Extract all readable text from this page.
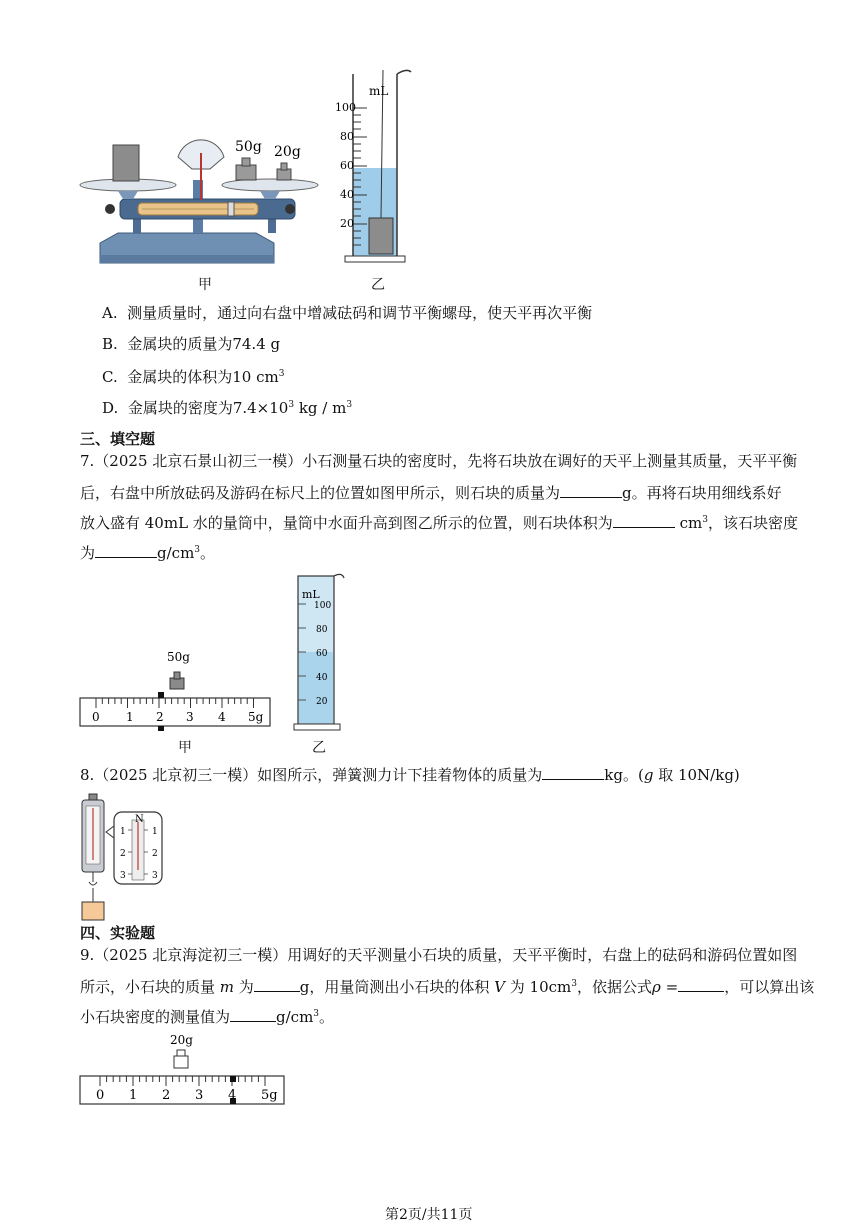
50g 20g
mL
100
80
60
40
20
甲	乙
A. 测量质量时，通过向右盘中增减砝码和调节平衡螺母，使天平再次平衡
B. 金属块的质量为74.4 g
C. 金属块的体积为10 $cm^3$
D. 金属块的密度为$7.4\times 10^3$ kg / $m^3$
三、填空题
7.（2025 北京石景山初三一模）小石测量石块的密度时，先将石块放在调好的天平上测量其质量，天平平衡
后，右盘中所放砝码及游码在标尺上的位置如图甲所示，则石块的质量为	g。再将石块用细线系好
放入盛有 40mL 水的量筒中，量筒中水面升高到图乙所示的位置，则石块体积为	$cm^3$，该石块密度
为	$g/cm^3$。
50g
0 1 2 3 4 5g
mL
100
80
60
40
20
甲	乙
8.（2025 北京初三一模）如图所示，弹簧测力计下挂着物体的质量为	kg。(g 取 10N/kg)
N
1	1
2	2
3	3
四、实验题
9.（2025 北京海淀初三一模）用调好的天平测量小石块的质量，天平平衡时，右盘上的砝码和游码位置如图
所示，小石块的质量 m 为	g，用量筒测出小石块的体积 V 为 $10cm^3$，依据公式ρ =	，可以算出该
小石块密度的测量值为	$g/cm^3$。
20g
0 1 2 3 4 5g
第2页/共11页
